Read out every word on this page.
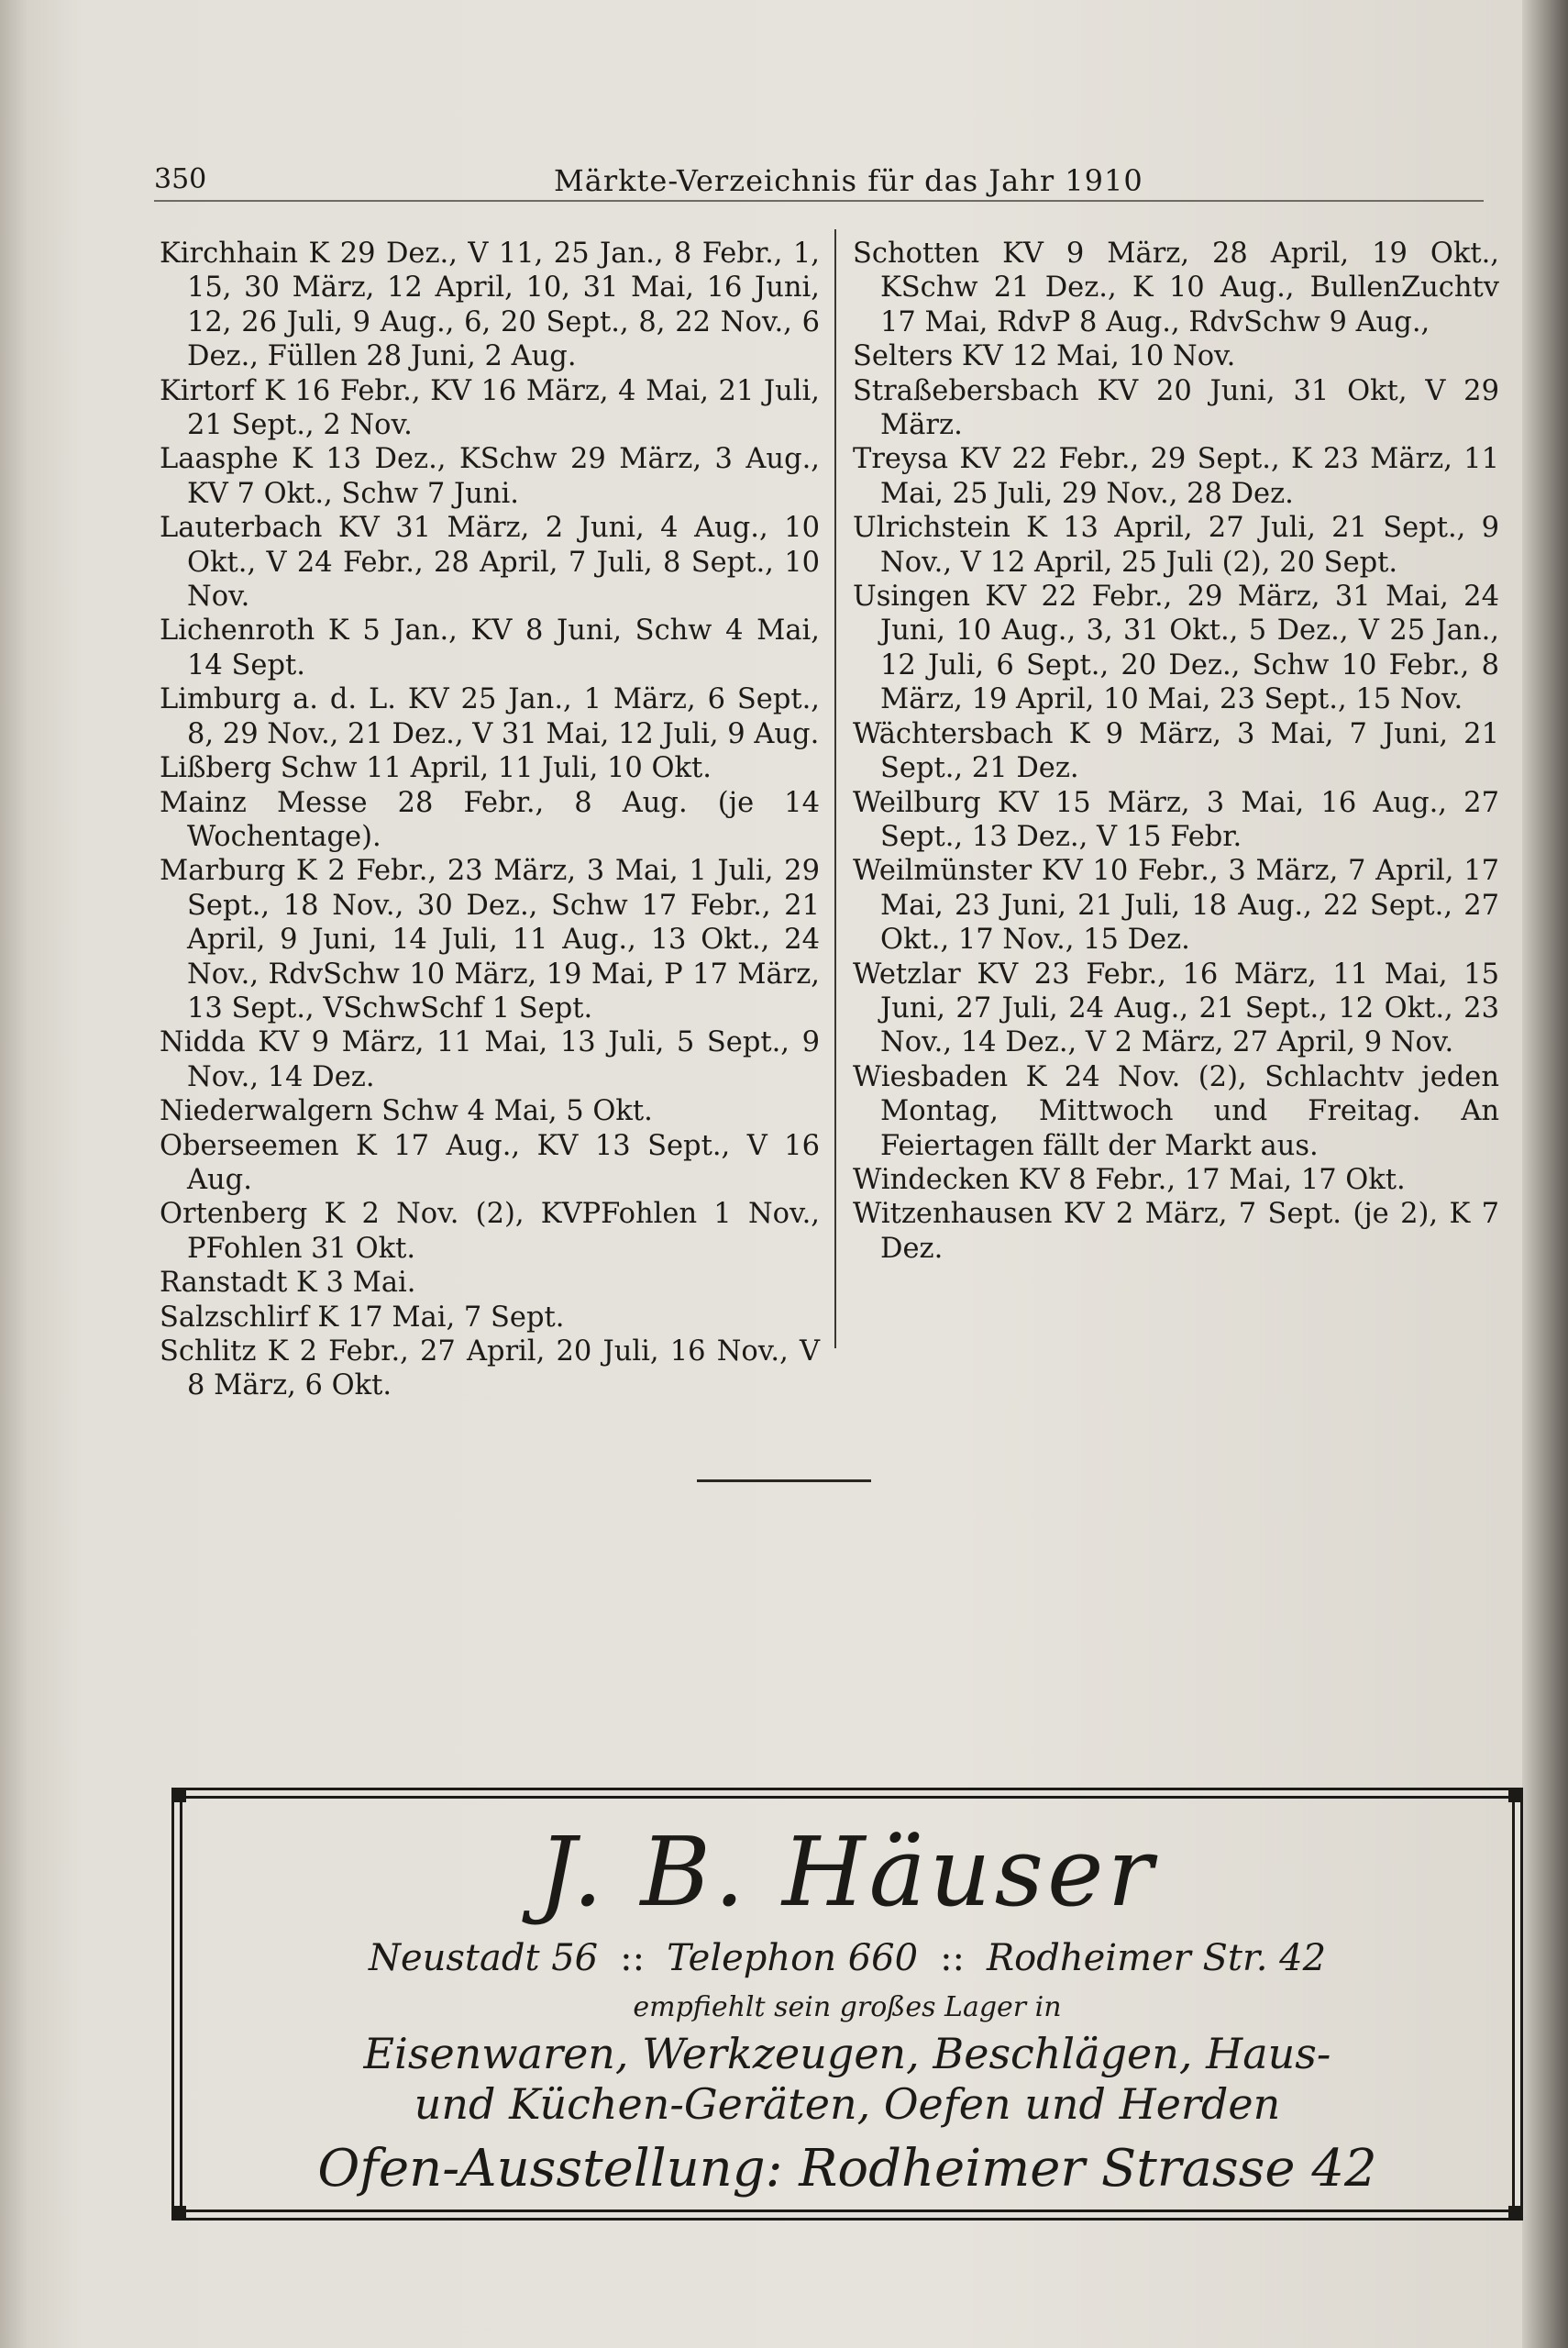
350	Märkte-Verzeichnis für das Jahr 1910

Kirchhain K 29 Dez., V 11, 25 Jan., 8 Febr., 1, 15, 30 März, 12 April, 10, 31 Mai, 16 Juni, 12, 26 Juli, 9 Aug., 6, 20 Sept., 8, 22 Nov., 6 Dez., Füllen 28 Juni, 2 Aug.

Kirtorf K 16 Febr., KV 16 März, 4 Mai, 21 Juli, 21 Sept., 2 Nov.

Laasphe K 13 Dez., KSchw 29 März, 3 Aug., KV 7 Okt., Schw 7 Juni.

Lauterbach KV 31 März, 2 Juni, 4 Aug., 10 Okt., V 24 Febr., 28 April, 7 Juli, 8 Sept., 10 Nov.

Lichenroth K 5 Jan., KV 8 Juni, Schw 4 Mai, 14 Sept.

Limburg a. d. L. KV 25 Jan., 1 März, 6 Sept., 8, 29 Nov., 21 Dez., V 31 Mai, 12 Juli, 9 Aug.

Lißberg Schw 11 April, 11 Juli, 10 Okt.

Mainz Messe 28 Febr., 8 Aug. (je 14 Wochentage).

Marburg K 2 Febr., 23 März, 3 Mai, 1 Juli, 29 Sept., 18 Nov., 30 Dez., Schw 17 Febr., 21 April, 9 Juni, 14 Juli, 11 Aug., 13 Okt., 24 Nov., RdvSchw 10 März, 19 Mai, P 17 März, 13 Sept., VSchwSchf 1 Sept.

Nidda KV 9 März, 11 Mai, 13 Juli, 5 Sept., 9 Nov., 14 Dez.

Niederwalgern Schw 4 Mai, 5 Okt.

Oberseemen K 17 Aug., KV 13 Sept., V 16 Aug.

Ortenberg K 2 Nov. (2), KVPFohlen 1 Nov., PFohlen 31 Okt.

Ranstadt K 3 Mai.

Salzschlirf K 17 Mai, 7 Sept.

Schlitz K 2 Febr., 27 April, 20 Juli, 16 Nov., V 8 März, 6 Okt.

Schotten KV 9 März, 28 April, 19 Okt., KSchw 21 Dez., K 10 Aug., BullenZuchtv 17 Mai, RdvP 8 Aug., RdvSchw 9 Aug.,

Selters KV 12 Mai, 10 Nov.

Straßebersbach KV 20 Juni, 31 Okt, V 29 März.

Treysa KV 22 Febr., 29 Sept., K 23 März, 11 Mai, 25 Juli, 29 Nov., 28 Dez.

Ulrichstein K 13 April, 27 Juli, 21 Sept., 9 Nov., V 12 April, 25 Juli (2), 20 Sept.

Usingen KV 22 Febr., 29 März, 31 Mai, 24 Juni, 10 Aug., 3, 31 Okt., 5 Dez., V 25 Jan., 12 Juli, 6 Sept., 20 Dez., Schw 10 Febr., 8 März, 19 April, 10 Mai, 23 Sept., 15 Nov.

Wächtersbach K 9 März, 3 Mai, 7 Juni, 21 Sept., 21 Dez.

Weilburg KV 15 März, 3 Mai, 16 Aug., 27 Sept., 13 Dez., V 15 Febr.

Weilmünster KV 10 Febr., 3 März, 7 April, 17 Mai, 23 Juni, 21 Juli, 18 Aug., 22 Sept., 27 Okt., 17 Nov., 15 Dez.

Wetzlar KV 23 Febr., 16 März, 11 Mai, 15 Juni, 27 Juli, 24 Aug., 21 Sept., 12 Okt., 23 Nov., 14 Dez., V 2 März, 27 April, 9 Nov.

Wiesbaden K 24 Nov. (2), Schlachtv jeden Montag, Mittwoch und Freitag. An Feiertagen fällt der Markt aus.

Windecken KV 8 Febr., 17 Mai, 17 Okt.

Witzenhausen KV 2 März, 7 Sept. (je 2), K 7 Dez.

J. B. Häuser
Neustadt 56 :: Telephon 660 :: Rodheimer Str. 42
empfiehlt sein großes Lager in
Eisenwaren, Werkzeugen, Beschlägen, Haus-
und Küchen-Geräten, Oefen und Herden
Ofen-Ausstellung: Rodheimer Strasse 42
